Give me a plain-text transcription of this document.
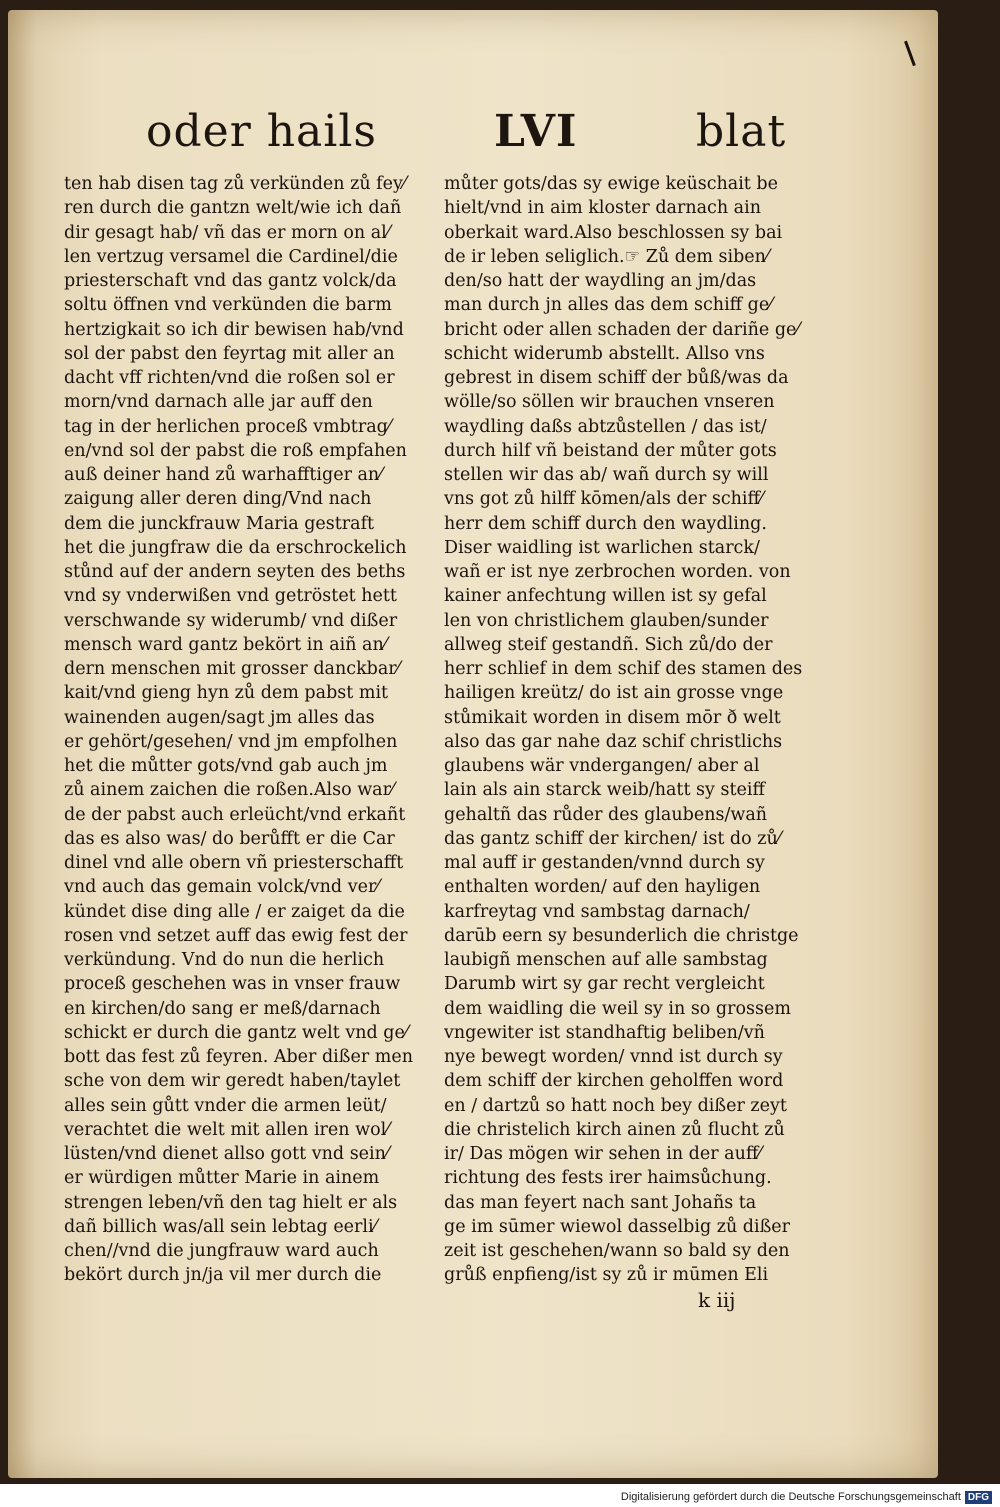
oder hails	LVI	blat
ten hab disen tag zů verkünden zů fey⁄
ren durch die gantzn welt/wie ich dañ
dir gesagt hab/ vñ das er morn on al⁄
len vertzug versamel die Cardinel/die
priesterschaft vnd das gantz volck/da
soltu öffnen vnd verkünden die barm
hertzigkait so ich dir bewisen hab/vnd
sol der pabst den feyrtag mit aller an
dacht vff richten/vnd die roßen sol er
morn/vnd darnach alle jar auff den
tag in der herlichen proceß vmbtrag⁄
en/vnd sol der pabst die roß empfahen
auß deiner hand zů warhafftiger an⁄
zaigung aller deren ding/Vnd nach
dem die junckfrauw Maria gestraft
het die jungfraw die da erschrockelich
stůnd auf der andern seyten des beths
vnd sy vnderwißen vnd getröstet hett
verschwande sy widerumb/ vnd dißer
mensch ward gantz bekört in aiñ an⁄
dern menschen mit grosser danckbar⁄
kait/vnd gieng hyn zů dem pabst mit
wainenden augen/sagt jm alles das
er gehört/gesehen/ vnd jm empfolhen
het die můtter gots/vnd gab auch jm
zů ainem zaichen die roßen.Also war⁄
de der pabst auch erleücht/vnd erkañt
das es also was/ do berůfft er die Car
dinel vnd alle obern vñ priesterschafft
vnd auch das gemain volck/vnd ver⁄
kündet dise ding alle / er zaiget da die
rosen vnd setzet auff das ewig fest der
verkündung. Vnd do nun die herlich
proceß geschehen was in vnser frauw
en kirchen/do sang er meß/darnach
schickt er durch die gantz welt vnd ge⁄
bott das fest zů feyren. Aber dißer men
sche von dem wir geredt haben/taylet
alles sein gůtt vnder die armen leüt/
verachtet die welt mit allen iren wol⁄
lüsten/vnd dienet allso gott vnd sein⁄
er würdigen můtter Marie in ainem
strengen leben/vñ den tag hielt er als
dañ billich was/all sein lebtag eerli⁄
chen//vnd die jungfrauw ward auch
bekört durch jn/ja vil mer durch die
můter gots/das sy ewige keüschait be
hielt/vnd in aim kloster darnach ain
oberkait ward.Also beschlossen sy bai
de ir leben seliglich.☞ Zů dem siben⁄
den/so hatt der waydling an jm/das
man durch jn alles das dem schiff ge⁄
bricht oder allen schaden der dariñe ge⁄
schicht widerumb abstellt. Allso vns
gebrest in disem schiff der bůß/was da
wölle/so söllen wir brauchen vnseren
waydling daßs abtzůstellen / das ist/
durch hilf vñ beistand der můter gots
stellen wir das ab/ wañ durch sy will
vns got zů hilff kōmen/als der schiff⁄
herr dem schiff durch den waydling.
Diser waidling ist warlichen starck/
wañ er ist nye zerbrochen worden. von
kainer anfechtung willen ist sy gefal
len von christlichem glauben/sunder
allweg steif gestandñ. Sich zů/do der
herr schlief in dem schif des stamen des
hailigen kreütz/ do ist ain grosse vnge
stůmikait worden in disem mōr ð welt
also das gar nahe daz schif christlichs
glaubens wär vndergangen/ aber al
lain als ain starck weib/hatt sy steiff
gehaltñ das růder des glaubens/wañ
das gantz schiff der kirchen/ ist do zů⁄
mal auff ir gestanden/vnnd durch sy
enthalten worden/ auf den hayligen
karfreytag vnd sambstag darnach/
darūb eern sy besunderlich die christge
laubigñ menschen auf alle sambstag
Darumb wirt sy gar recht vergleicht
dem waidling die weil sy in so grossem
vngewiter ist standhaftig beliben/vñ
nye bewegt worden/ vnnd ist durch sy
dem schiff der kirchen geholffen word
en / dartzů so hatt noch bey dißer zeyt
die christelich kirch ainen zů flucht zů
ir/ Das mögen wir sehen in der auff⁄
richtung des fests irer haimsůchung.
das man feyert nach sant Johañs ta
ge im sūmer wiewol dasselbig zů dißer
zeit ist geschehen/wann so bald sy den
grůß enpfieng/ist sy zů ir mūmen Eli
k iij
Digitalisierung gefördert durch die Deutsche Forschungsgemeinschaft DFG
